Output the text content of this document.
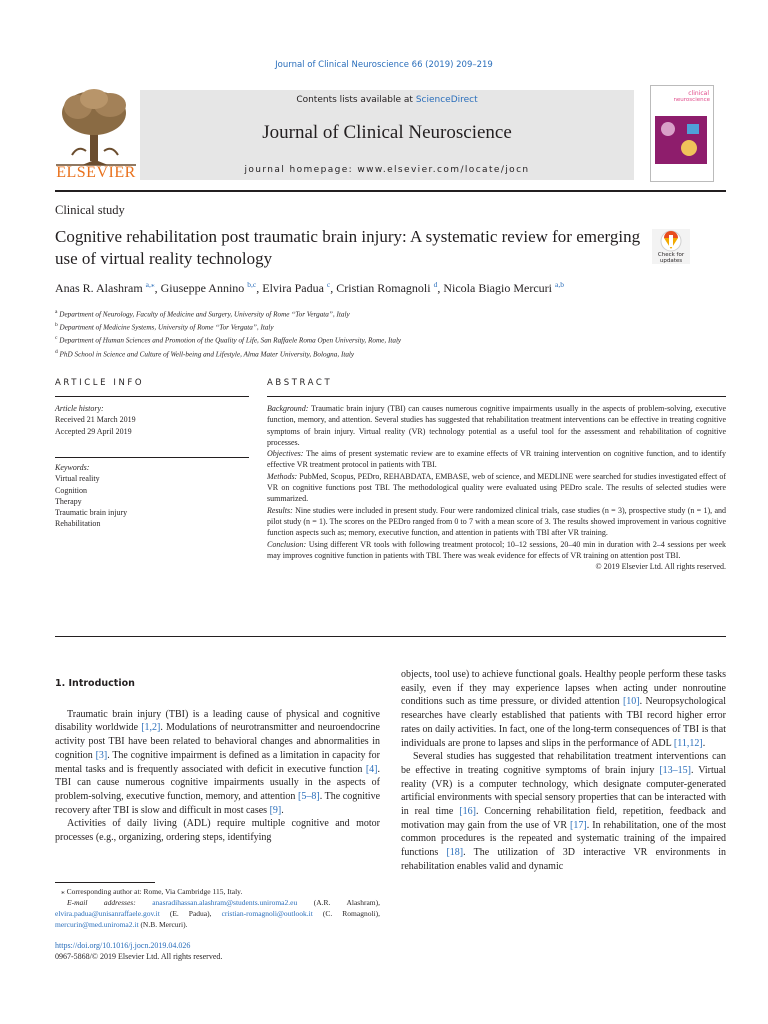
Journal of Clinical Neuroscience 66 (2019) 209–219
ELSEVIER
Contents lists available at ScienceDirect
Journal of Clinical Neuroscience
journal homepage: www.elsevier.com/locate/jocn
clinical
neuroscience
Clinical study
Cognitive rehabilitation post traumatic brain injury: A systematic review for emerging use of virtual reality technology	Check for updates
Anas R. Alashram $^{a,⁎}$, Giuseppe Annino $^{b,c}$, Elvira Padua $^c$, Cristian Romagnoli $^d$, Nicola Biagio Mercuri $^{a,b}$
$^a$ Department of Neurology, Faculty of Medicine and Surgery, University of Rome “Tor Vergata”, Italy
$^b$ Department of Medicine Systems, University of Rome “Tor Vergata”, Italy
$^c$ Department of Human Sciences and Promotion of the Quality of Life, San Raffaele Roma Open University, Rome, Italy
$^d$ PhD School in Science and Culture of Well-being and Lifestyle, Alma Mater University, Bologna, Italy
ARTICLE INFO	ABSTRACT
Article history:
Received 21 March 2019
Accepted 29 April 2019
Keywords:
Virtual reality
Cognition
Therapy
Traumatic brain injury
Rehabilitation

Background: Traumatic brain injury (TBI) can causes numerous cognitive impairments usually in the aspects of problem-solving, executive function, memory, and attention. Several studies has suggested that rehabilitation treatment interventions can be effective in treating cognitive symptoms of brain injury. Virtual reality (VR) technology potential as a useful tool for the assessment and rehabilitation of cognitive processes.

Objectives: The aims of present systematic review are to examine effects of VR training intervention on cognitive function, and to identify effective VR treatment protocol in patients with TBI.

Methods: PubMed, Scopus, PEDro, REHABDATA, EMBASE, web of science, and MEDLINE were searched for studies investigated effect of VR on cognitive functions post TBI. The methodological quality were evaluated using PEDro scale. The results of selected studies were summarized.

Results: Nine studies were included in present study. Four were randomized clinical trials, case studies (n = 3), prospective study (n = 1), and pilot study (n = 1). The scores on the PEDro ranged from 0 to 7 with a mean score of 3. The results showed improvement in various cognitive function aspects such as; memory, executive function, and attention in patients with TBI after VR training.

Conclusion: Using different VR tools with following treatment protocol; 10–12 sessions, 20–40 min in duration with 2–4 sessions per week may improves cognitive function in patients with TBI. There was weak evidence for effects of VR training on attention post TBI.

© 2019 Elsevier Ltd. All rights reserved.

1. Introduction

Traumatic brain injury (TBI) is a leading cause of physical and cognitive disability worldwide [1,2]. Modulations of neurotransmitter and neuroendocrine activity post TBI have been related to behavioral changes and abnormalities in cognition [3]. The cognitive impairment is defined as a limitation in capacity for mental tasks and is frequently associated with deficit in executive function [4]. TBI can cause numerous cognitive impairments usually in the aspects of problem-solving, executive function, memory, and attention [5–8]. The cognitive recovery after TBI is slow and difficult in most cases [9].

Activities of daily living (ADL) require multiple cognitive and motor processes (e.g., organizing, ordering steps, identifying

objects, tool use) to achieve functional goals. Healthy people perform these tasks easily, even if they may experience lapses when acting under nonroutine conditions such as time pressure, or divided attention [10]. Neuropsychological researches have clearly established that patients with TBI record higher error rates on daily activities. In fact, one of the long-term consequences of TBI is that individuals are prone to lapses and slips in the performance of ADL [11,12].

Several studies has suggested that rehabilitation treatment interventions can be effective in treating cognitive symptoms of brain injury [13–15]. Virtual reality (VR) is a computer technology, which designate computer-generated artificial environments with special sensory properties that can be interacted with in real time [16]. Concerning rehabilitation field, repetition, feedback and motivation may gain from the use of VR [17]. In rehabilitation, one of the most common procedures is the repeated and systematic training of the impaired functions [18]. The utilization of 3D interactive VR environments in rehabilitation enables valid and dynamic

⁎ Corresponding author at: Rome, Via Cambridge 115, Italy.

E-mail addresses: anasradihassan.alashram@students.uniroma2.eu (A.R. Alashram), elvira.padua@unisanraffaele.gov.it (E. Padua), cristian-romagnoli@outlook.it (C. Romagnoli), mercurin@med.uniroma2.it (N.B. Mercuri).

https://doi.org/10.1016/j.jocn.2019.04.026
0967-5868/© 2019 Elsevier Ltd. All rights reserved.
